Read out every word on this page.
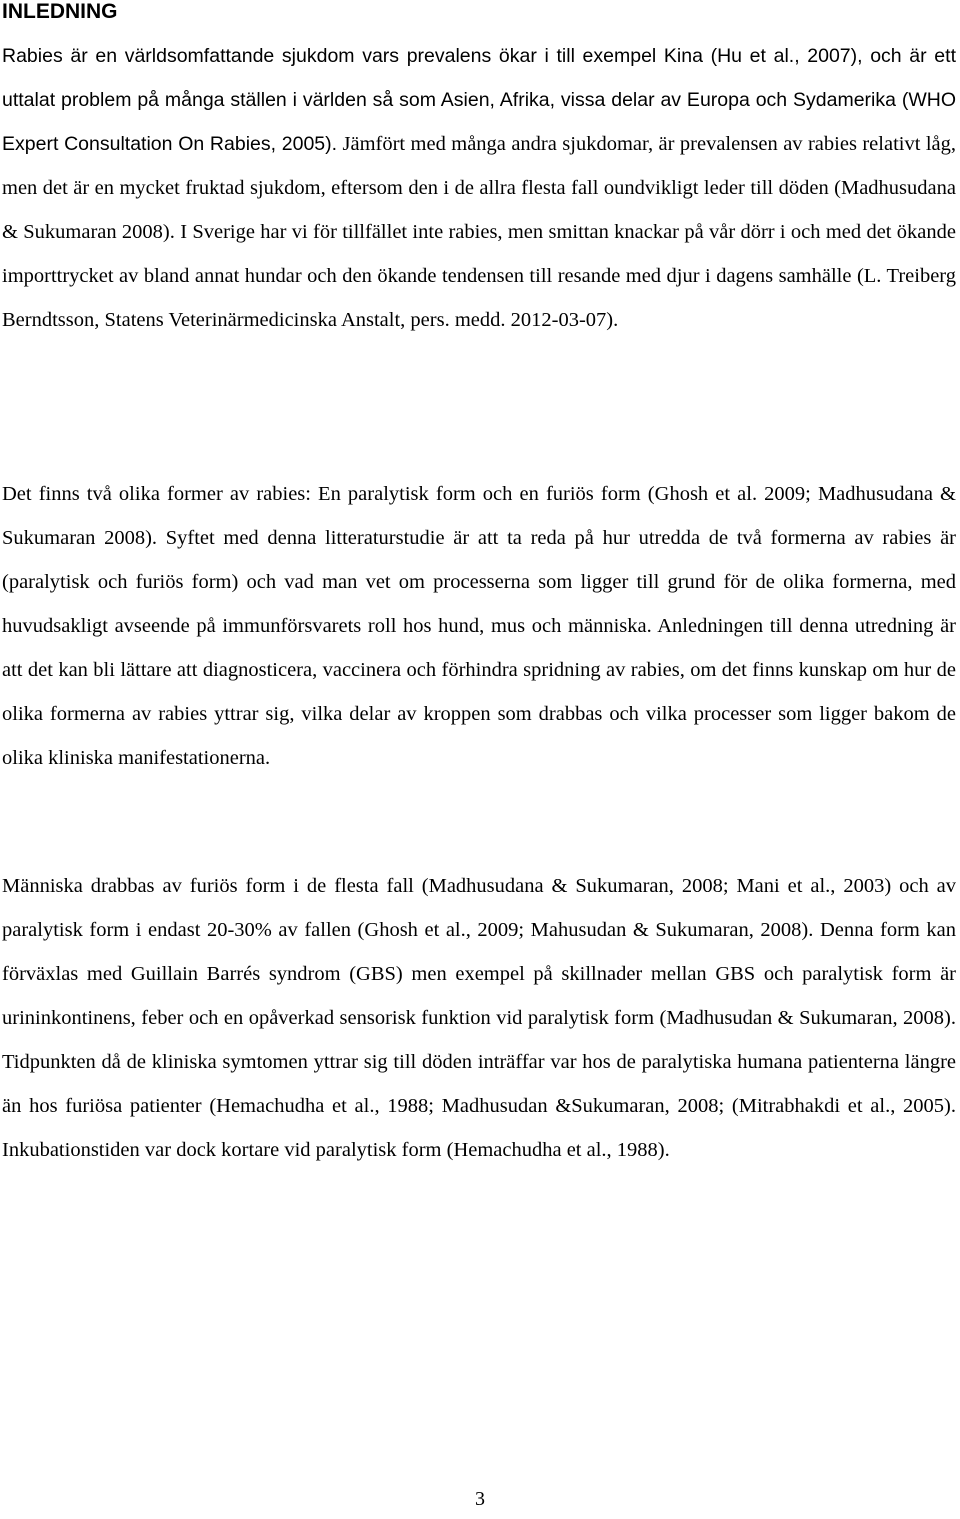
INLEDNING

Rabies är en världsomfattande sjukdom vars prevalens ökar i till exempel Kina (Hu et al., 2007), och är ett uttalat problem på många ställen i världen så som Asien, Afrika, vissa delar av Europa och Sydamerika (WHO Expert Consultation On Rabies, 2005). Jämfört med många andra sjukdomar, är prevalensen av rabies relativt låg, men det är en mycket fruktad sjukdom, eftersom den i de allra flesta fall oundvikligt leder till döden (Madhusudana & Sukumaran 2008). I Sverige har vi för tillfället inte rabies, men smittan knackar på vår dörr i och med det ökande importtrycket av bland annat hundar och den ökande tendensen till resande med djur i dagens samhälle (L. Treiberg Berndtsson, Statens Veterinärmedicinska Anstalt, pers. medd. 2012-03-07).

Det finns två olika former av rabies: En paralytisk form och en furiös form (Ghosh et al. 2009; Madhusudana & Sukumaran 2008). Syftet med denna litteraturstudie är att ta reda på hur utredda de två formerna av rabies är (paralytisk och furiös form) och vad man vet om processerna som ligger till grund för de olika formerna, med huvudsakligt avseende på immunförsvarets roll hos hund, mus och människa. Anledningen till denna utredning är att det kan bli lättare att diagnosticera, vaccinera och förhindra spridning av rabies, om det finns kunskap om hur de olika formerna av rabies yttrar sig, vilka delar av kroppen som drabbas och vilka processer som ligger bakom de olika kliniska manifestationerna.

Människa drabbas av furiös form i de flesta fall (Madhusudana & Sukumaran, 2008; Mani et al., 2003) och av paralytisk form i endast 20-30% av fallen (Ghosh et al., 2009; Mahusudan & Sukumaran, 2008). Denna form kan förväxlas med Guillain Barrés syndrom (GBS) men exempel på skillnader mellan GBS och paralytisk form är urininkontinens, feber och en opåverkad sensorisk funktion vid paralytisk form (Madhusudan & Sukumaran, 2008). Tidpunkten då de kliniska symtomen yttrar sig till döden inträffar var hos de paralytiska humana patienterna längre än hos furiösa patienter (Hemachudha et al., 1988; Madhusudan &Sukumaran, 2008; (Mitrabhakdi et al., 2005). Inkubationstiden var dock kortare vid paralytisk form (Hemachudha et al., 1988).

3
